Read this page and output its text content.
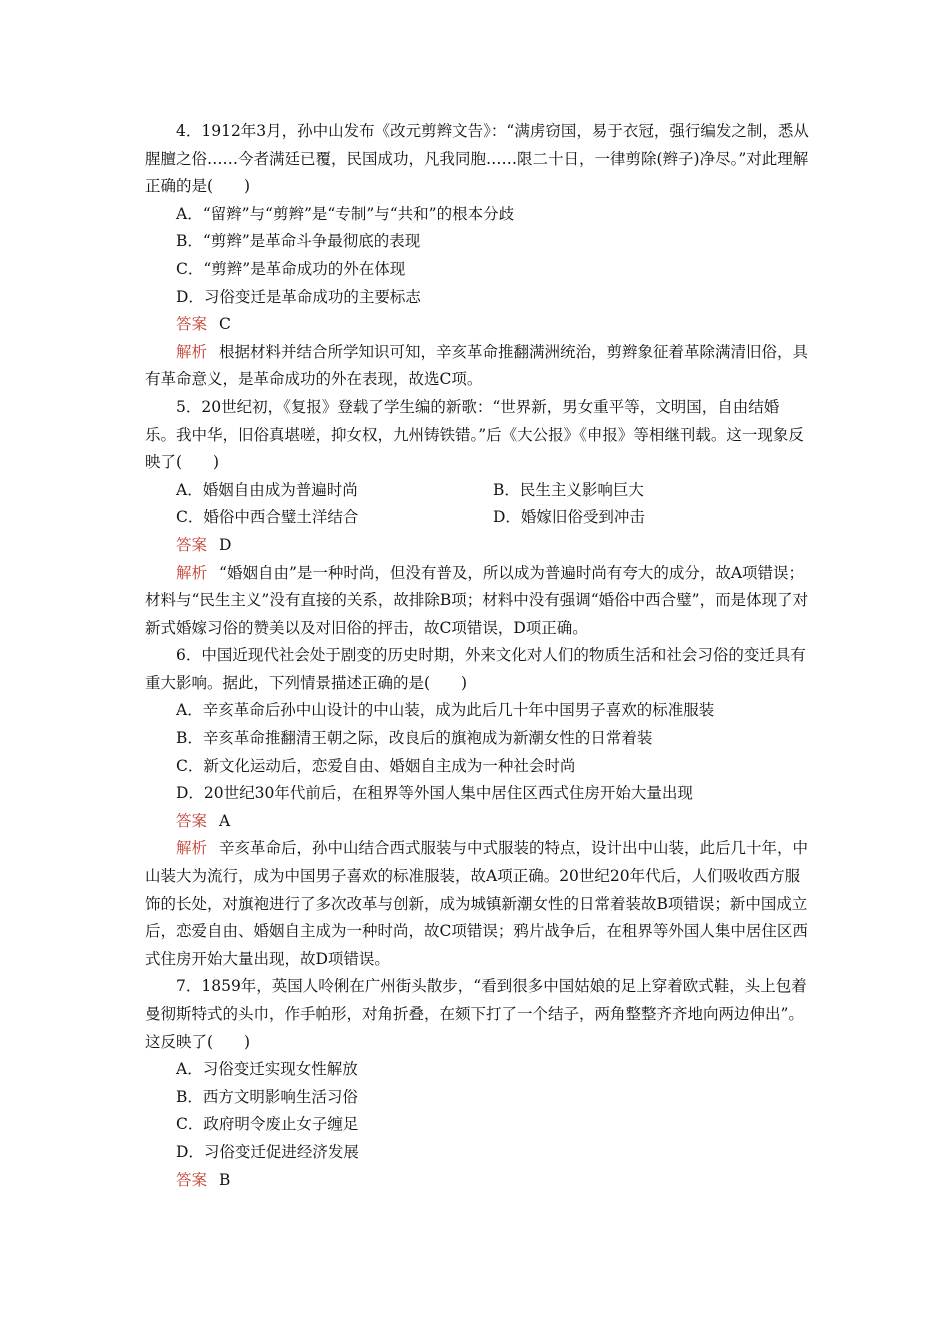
4．1912年3月，孙中山发布《改元剪辫文告》：“满虏窃国，易于衣冠，强行编发之制，悉从腥膻之俗……今者满廷已覆，民国成功，凡我同胞……限二十日，一律剪除(辫子)净尽。”对此理解正确的是(　　)

A．“留辫”与“剪辫”是“专制”与“共和”的根本分歧

B．“剪辫”是革命斗争最彻底的表现

C．“剪辫”是革命成功的外在体现

D．习俗变迁是革命成功的主要标志

答案 C

解析 根据材料并结合所学知识可知，辛亥革命推翻满洲统治，剪辫象征着革除满清旧俗，具有革命意义，是革命成功的外在表现，故选C项。

5．20世纪初，《复报》登载了学生编的新歌：“世界新，男女重平等，文明国，自由结婚乐。我中华，旧俗真堪嗟，抑女权，九州铸铁错。”后《大公报》《申报》等相继刊载。这一现象反映了(　　)

A．婚姻自由成为普遍时尚	B．民生主义影响巨大
C．婚俗中西合璧土洋结合	D．婚嫁旧俗受到冲击

答案 D

解析 “婚姻自由”是一种时尚，但没有普及，所以成为普遍时尚有夸大的成分，故A项错误；材料与“民生主义”没有直接的关系，故排除B项；材料中没有强调“婚俗中西合璧”，而是体现了对新式婚嫁习俗的赞美以及对旧俗的抨击，故C项错误，D项正确。

6．中国近现代社会处于剧变的历史时期，外来文化对人们的物质生活和社会习俗的变迁具有重大影响。据此，下列情景描述正确的是(　　)

A．辛亥革命后孙中山设计的中山装，成为此后几十年中国男子喜欢的标准服装

B．辛亥革命推翻清王朝之际，改良后的旗袍成为新潮女性的日常着装

C．新文化运动后，恋爱自由、婚姻自主成为一种社会时尚

D．20世纪30年代前后，在租界等外国人集中居住区西式住房开始大量出现

答案 A

解析 辛亥革命后，孙中山结合西式服装与中式服装的特点，设计出中山装，此后几十年，中山装大为流行，成为中国男子喜欢的标准服装，故A项正确。20世纪20年代后，人们吸收西方服饰的长处，对旗袍进行了多次改革与创新，成为城镇新潮女性的日常着装故B项错误；新中国成立后，恋爱自由、婚姻自主成为一种时尚，故C项错误；鸦片战争后，在租界等外国人集中居住区西式住房开始大量出现，故D项错误。

7．1859年，英国人呤俐在广州街头散步，“看到很多中国姑娘的足上穿着欧式鞋，头上包着曼彻斯特式的头巾，作手帕形，对角折叠，在颏下打了一个结子，两角整整齐齐地向两边伸出”。这反映了(　　)

A．习俗变迁实现女性解放

B．西方文明影响生活习俗

C．政府明令废止女子缠足

D．习俗变迁促进经济发展

答案 B
